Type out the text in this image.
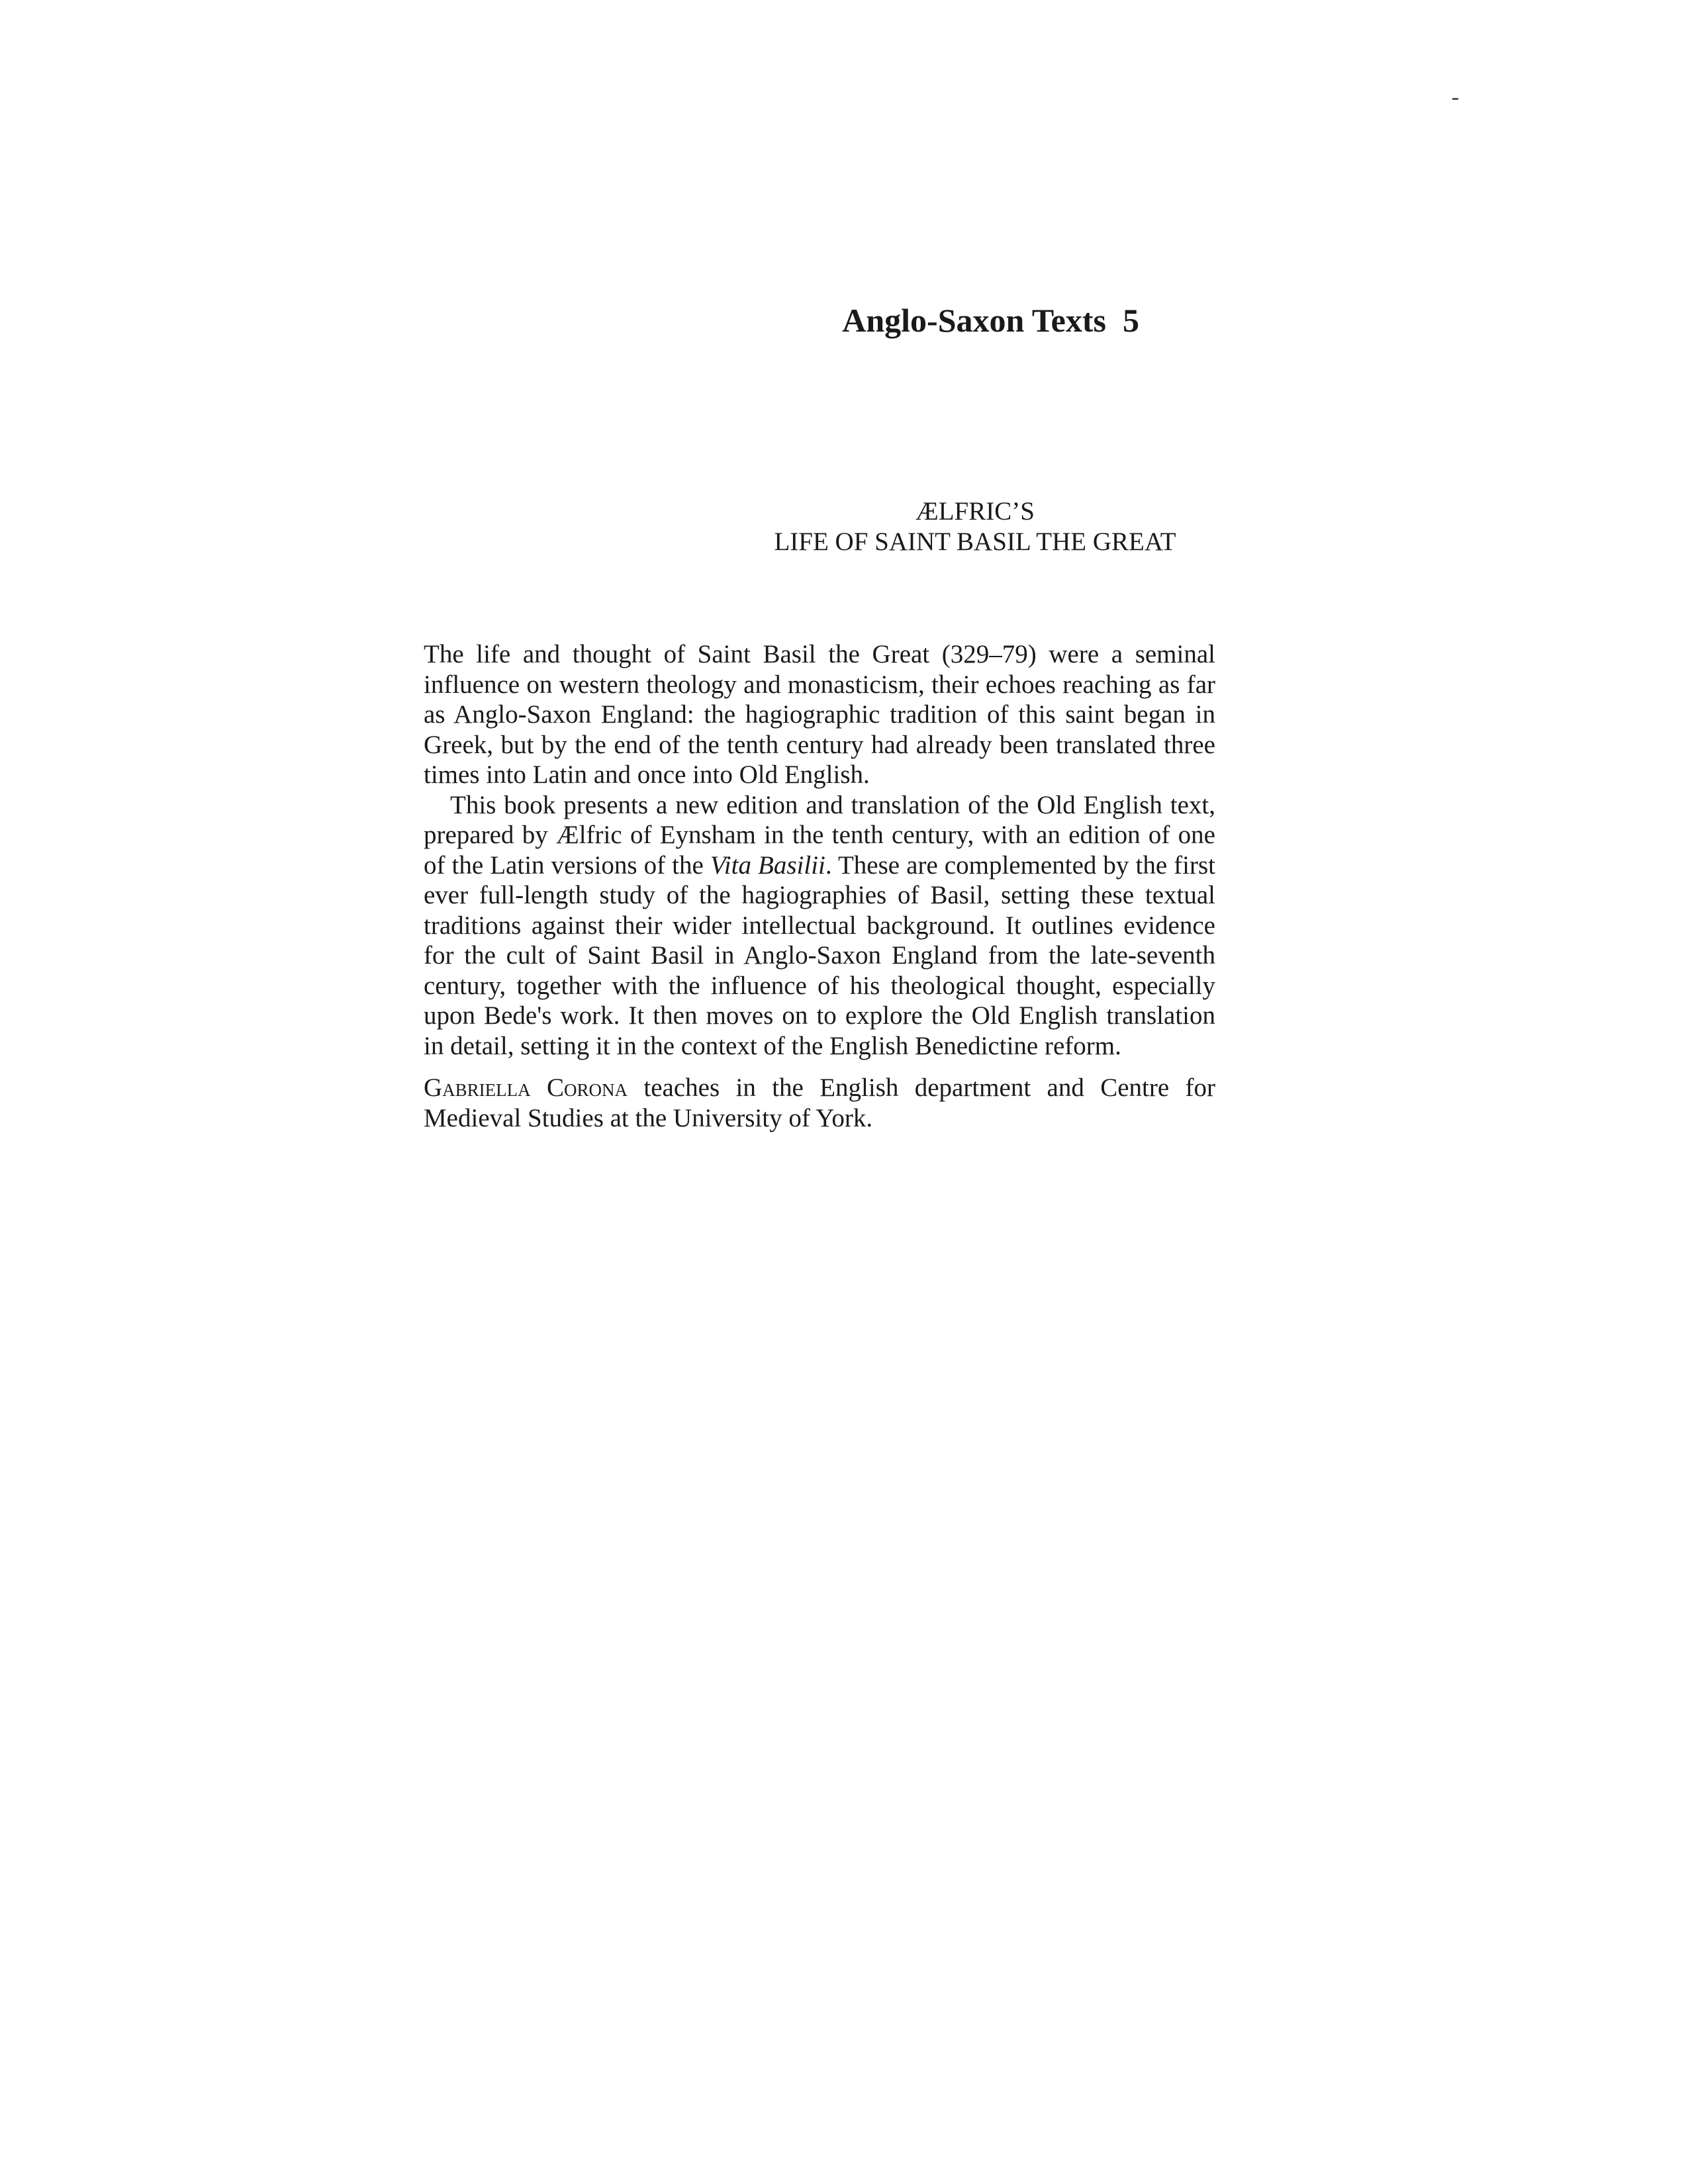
Anglo-Saxon Texts  5

ÆLFRIC’S
LIFE OF SAINT BASIL THE GREAT

The life and thought of Saint Basil the Great (329–79) were a seminal influence on western theology and monasticism, their echoes reaching as far as Anglo-Saxon England: the hagiographic tradition of this saint began in Greek, but by the end of the tenth century had already been translated three times into Latin and once into Old English.

This book presents a new edition and translation of the Old English text, prepared by Ælfric of Eynsham in the tenth century, with an edition of one of the Latin versions of the Vita Basilii. These are complemented by the first ever full-length study of the hagiographies of Basil, setting these textual traditions against their wider intellectual background. It outlines evidence for the cult of Saint Basil in Anglo-Saxon England from the late-seventh century, together with the influence of his theological thought, especially upon Bede's work. It then moves on to explore the Old English translation in detail, setting it in the context of the English Benedictine reform.

Gabriella Corona teaches in the English department and Centre for Medieval Studies at the University of York.
